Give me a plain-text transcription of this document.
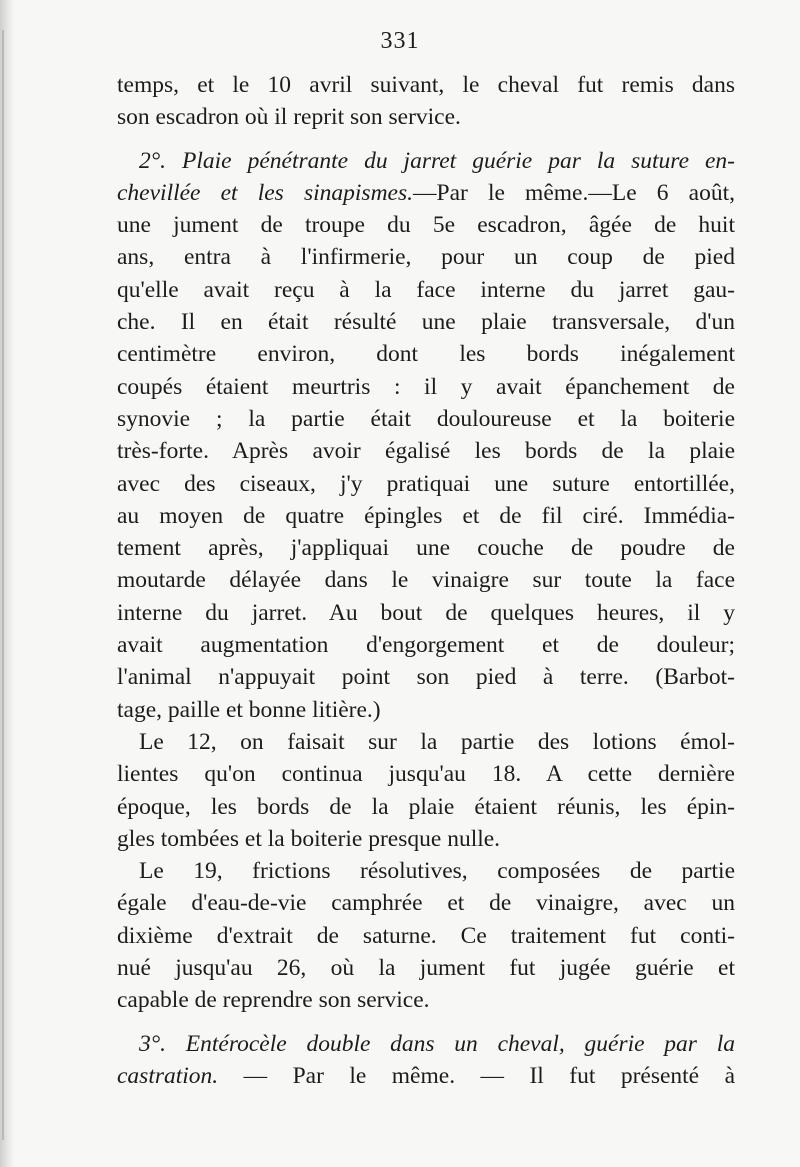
331
temps, et le 10 avril suivant, le cheval fut remis dans
son escadron où il reprit son service.
2°. Plaie pénétrante du jarret guérie par la suture en-
chevillée et les sinapismes.—Par le même.—Le 6 août,
une jument de troupe du 5e escadron, âgée de huit
ans, entra à l'infirmerie, pour un coup de pied
qu'elle avait reçu à la face interne du jarret gau-
che. Il en était résulté une plaie transversale, d'un
centimètre environ, dont les bords inégalement
coupés étaient meurtris : il y avait épanchement de
synovie ; la partie était douloureuse et la boiterie
très-forte. Après avoir égalisé les bords de la plaie
avec des ciseaux, j'y pratiquai une suture entortillée,
au moyen de quatre épingles et de fil ciré. Immédia-
tement après, j'appliquai une couche de poudre de
moutarde délayée dans le vinaigre sur toute la face
interne du jarret. Au bout de quelques heures, il y
avait augmentation d'engorgement et de douleur;
l'animal n'appuyait point son pied à terre. (Barbot-
tage, paille et bonne litière.)
Le 12, on faisait sur la partie des lotions émol-
lientes qu'on continua jusqu'au 18. A cette dernière
époque, les bords de la plaie étaient réunis, les épin-
gles tombées et la boiterie presque nulle.
Le 19, frictions résolutives, composées de partie
égale d'eau-de-vie camphrée et de vinaigre, avec un
dixième d'extrait de saturne. Ce traitement fut conti-
nué jusqu'au 26, où la jument fut jugée guérie et
capable de reprendre son service.
3°. Entérocèle double dans un cheval, guérie par la
castration. — Par le même. — Il fut présenté à
